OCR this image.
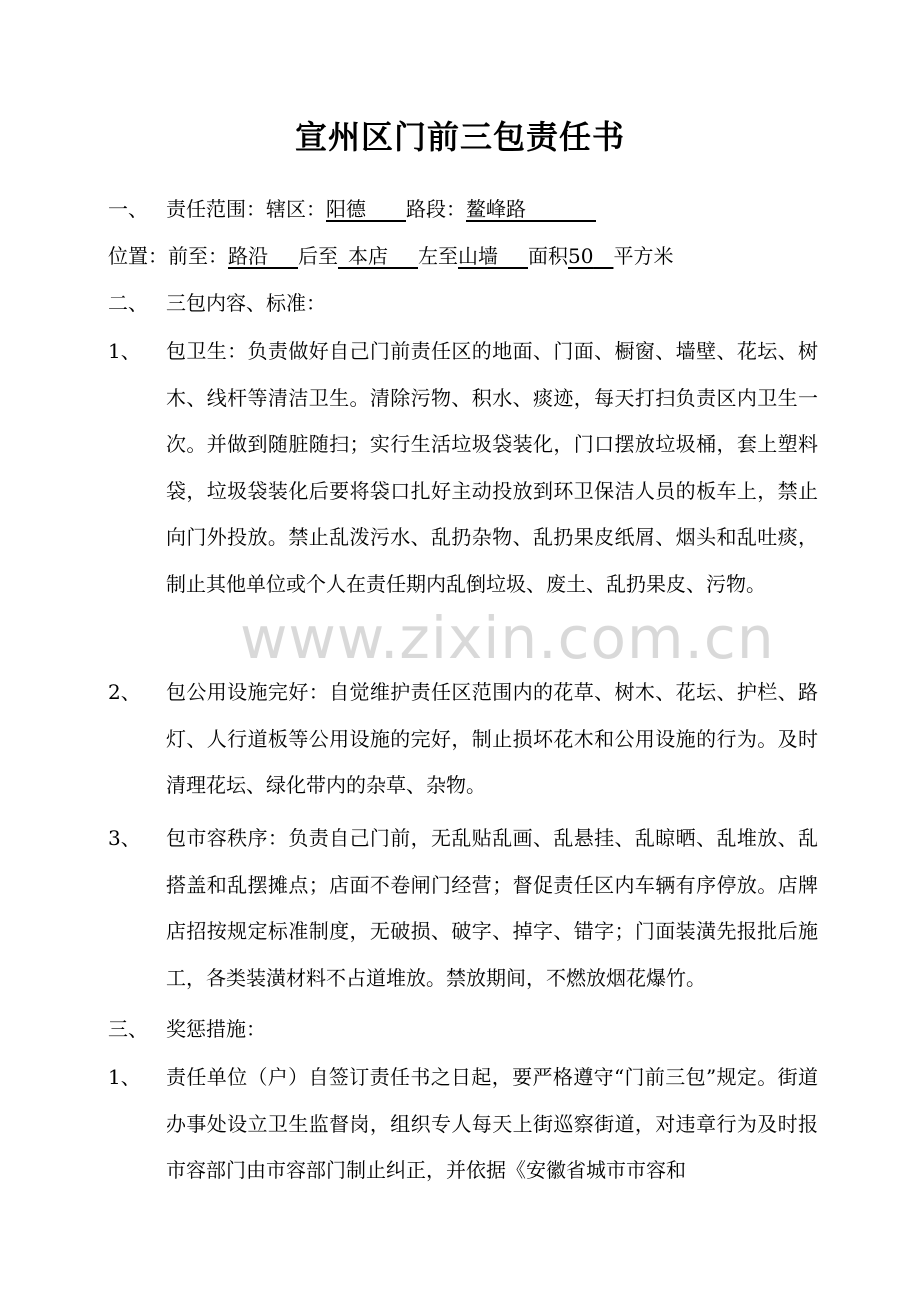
宣州区门前三包责任书
一、 责任范围：辖区：阳德　   路段：鳌峰路　　　 
位置：前至：路沿　  后至  本店　  左至山墙　  面积50　 平方米
二、 三包内容、标准：
1、 包卫生：负责做好自己门前责任区的地面、门面、橱窗、墙壁、花坛、树木、线杆等清洁卫生。清除污物、积水、痰迹，每天打扫负责区内卫生一次。并做到随脏随扫；实行生活垃圾袋装化，门口摆放垃圾桶，套上塑料袋，垃圾袋装化后要将袋口扎好主动投放到环卫保洁人员的板车上，禁止向门外投放。禁止乱泼污水、乱扔杂物、乱扔果皮纸屑、烟头和乱吐痰，制止其他单位或个人在责任期内乱倒垃圾、废土、乱扔果皮、污物。
2、 包公用设施完好：自觉维护责任区范围内的花草、树木、花坛、护栏、路灯、人行道板等公用设施的完好，制止损坏花木和公用设施的行为。及时清理花坛、绿化带内的杂草、杂物。
3、 包市容秩序：负责自己门前，无乱贴乱画、乱悬挂、乱晾晒、乱堆放、乱搭盖和乱摆摊点；店面不卷闸门经营；督促责任区内车辆有序停放。店牌店招按规定标准制度，无破损、破字、掉字、错字；门面装潢先报批后施工，各类装潢材料不占道堆放。禁放期间，不燃放烟花爆竹。
三、 奖惩措施：
1、 责任单位（户）自签订责任书之日起，要严格遵守“门前三包”规定。街道办事处设立卫生监督岗，组织专人每天上街巡察街道，对违章行为及时报市容部门由市容部门制止纠正，并依据《安徽省城市市容和
www.zixin.com.cn
